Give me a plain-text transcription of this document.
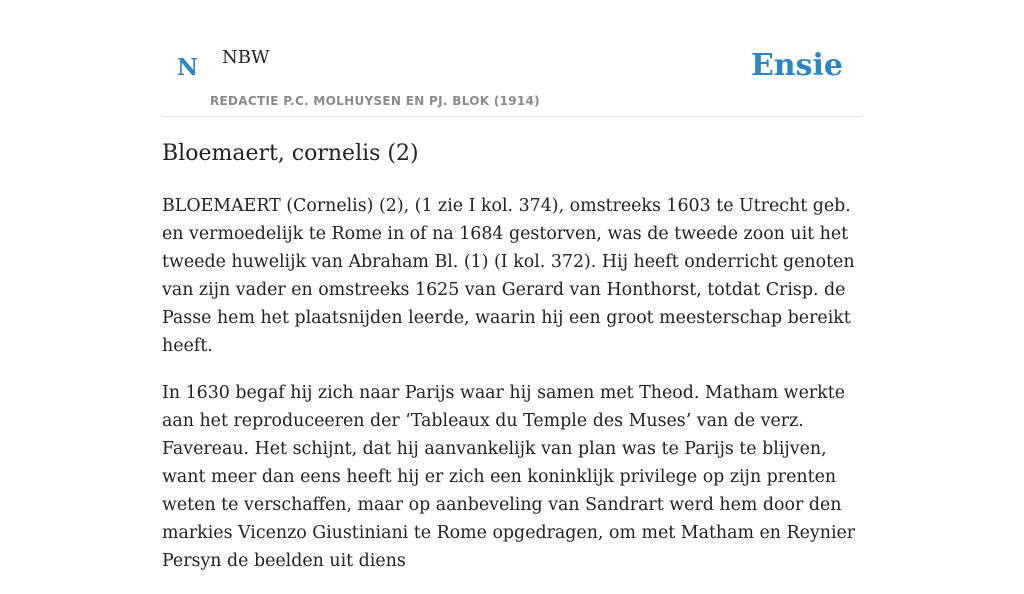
N NBW
REDACTIE P.C. MOLHUYSEN EN PJ. BLOK (1914)
Ensie
Bloemaert, cornelis (2)

BLOEMAERT (Cornelis) (2), (1 zie I kol. 374), omstreeks 1603 te Utrecht geb. en vermoedelijk te Rome in of na 1684 gestorven, was de tweede zoon uit het tweede huwelijk van Abraham Bl. (1) (I kol. 372). Hij heeft onderricht genoten van zijn vader en omstreeks 1625 van Gerard van Honthorst, totdat Crisp. de Passe hem het plaatsnijden leerde, waarin hij een groot meesterschap bereikt heeft.

In 1630 begaf hij zich naar Parijs waar hij samen met Theod. Matham werkte aan het reproduceeren der ‘Tableaux du Temple des Muses’ van de verz. Favereau. Het schijnt, dat hij aanvankelijk van plan was te Parijs te blijven, want meer dan eens heeft hij er zich een koninklijk privilege op zijn prenten weten te verschaffen, maar op aanbeveling van Sandrart werd hem door den markies Vicenzo Giustiniani te Rome opgedragen, om met Matham en Reynier Persyn de beelden uit diens
